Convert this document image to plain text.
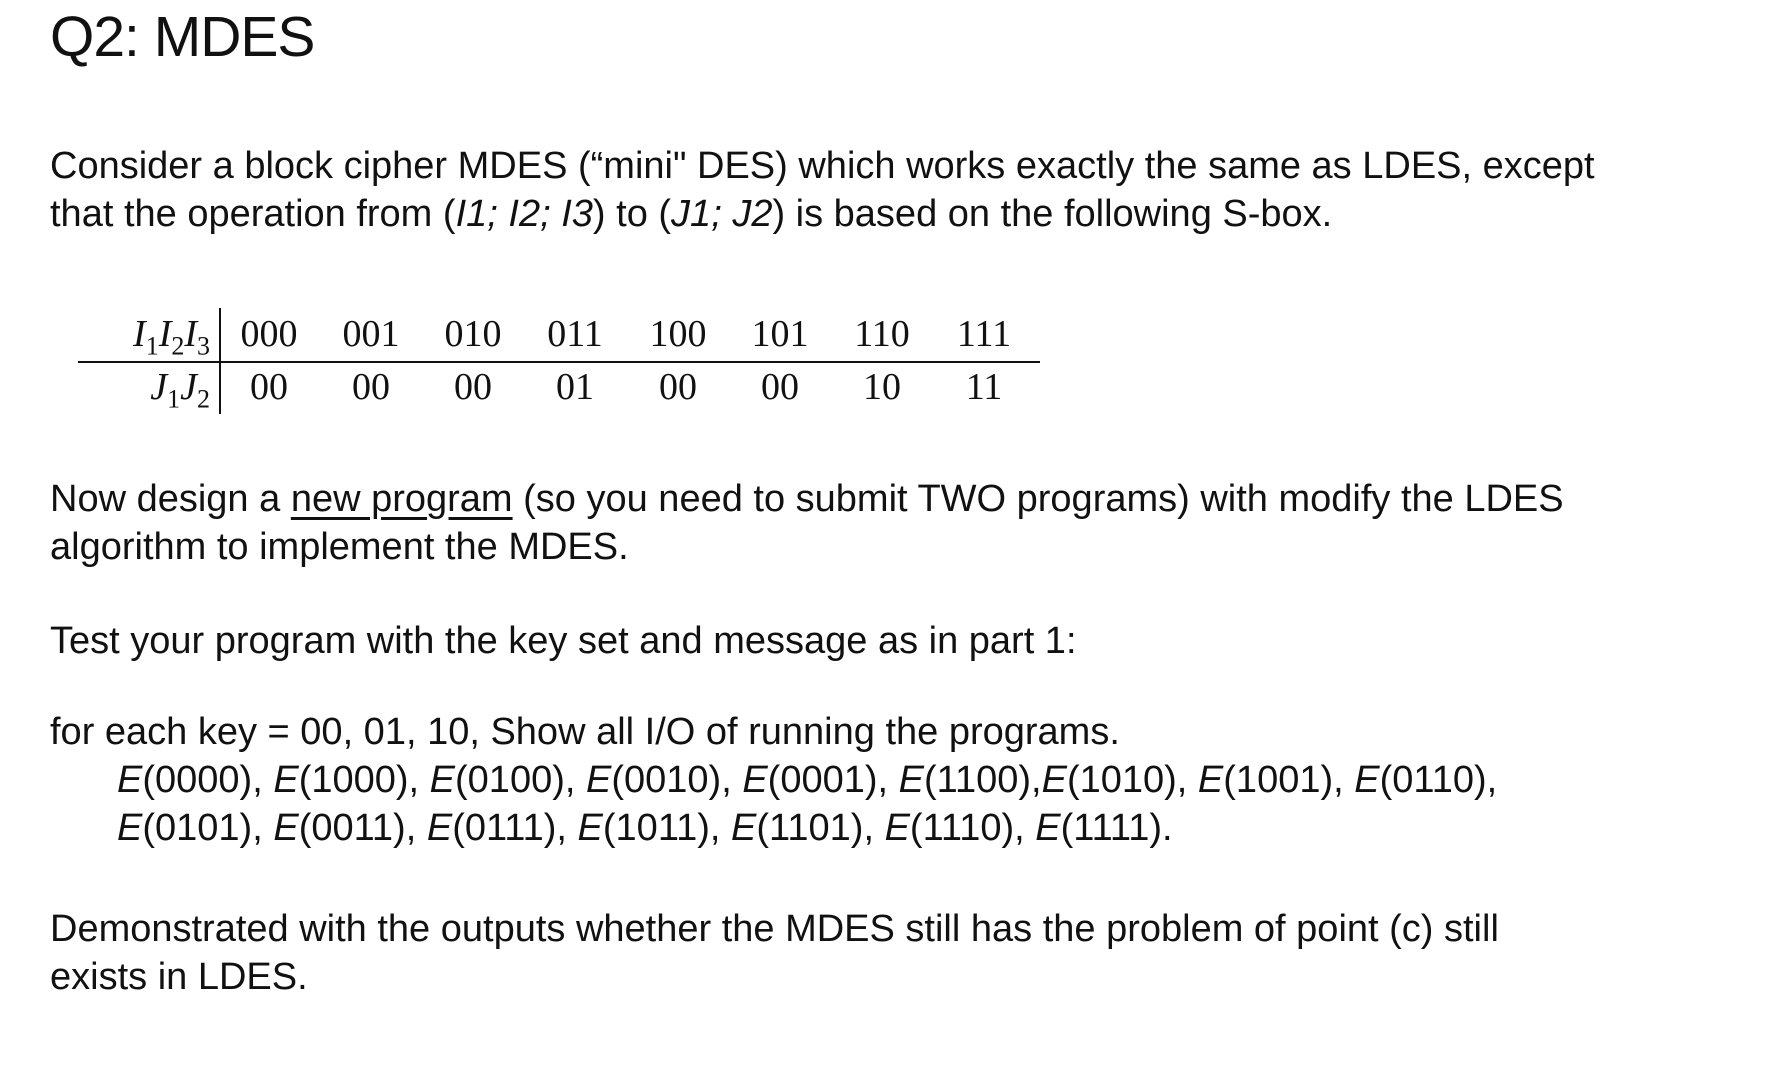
Q2: MDES

Consider a block cipher MDES (“mini" DES) which works exactly the same as LDES, except
that the operation from (I1; I2; I3) to (J1; J2) is based on the following S-box.

$I_1I_2I_3$ 000	001	010	011	100	101	110	111
$J_1J_2$	00	00	00	01	00	00	10	11

Now design a new program (so you need to submit TWO programs) with modify the LDES
algorithm to implement the MDES.

Test your program with the key set and message as in part 1:

for each key = 00, 01, 10, Show all I/O of running the programs.

E(0000), E(1000), E(0100), E(0010), E(0001), E(1100),E(1010), E(1001), E(0110),
E(0101), E(0011), E(0111), E(1011), E(1101), E(1110), E(1111).

Demonstrated with the outputs whether the MDES still has the problem of point (c) still
exists in LDES.
